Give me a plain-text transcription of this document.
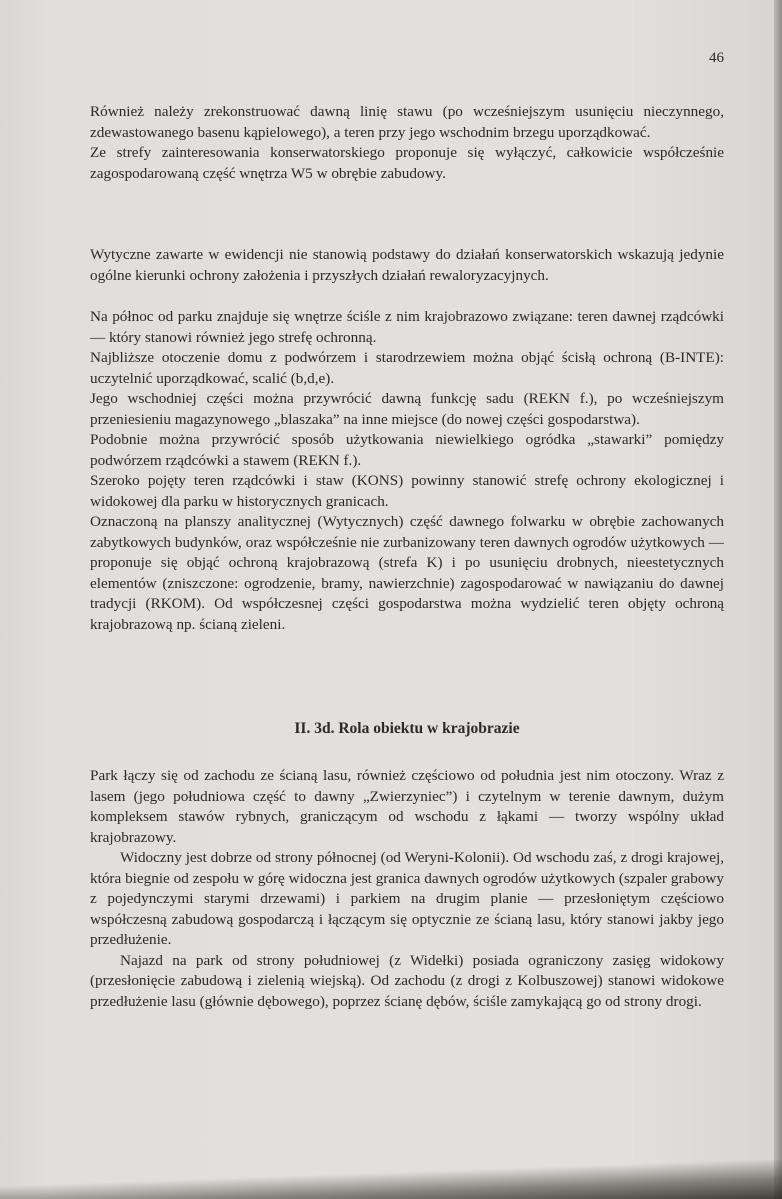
46

Również należy zrekonstruować dawną linię stawu (po wcześniejszym usunięciu nieczynnego, zdewastowanego basenu kąpielowego), a teren przy jego wschodnim brzegu uporządkować.

Ze strefy zainteresowania konserwatorskiego proponuje się wyłączyć, całkowicie współcześnie zagospodarowaną część wnętrza W5 w obrębie zabudowy.

Wytyczne zawarte w ewidencji nie stanowią podstawy do działań konserwatorskich wskazują jedynie ogólne kierunki ochrony założenia i przyszłych działań rewaloryzacyjnych.

Na północ od parku znajduje się wnętrze ściśle z nim krajobrazowo związane: teren dawnej rządcówki — który stanowi również jego strefę ochronną.

Najbliższe otoczenie domu z podwórzem i starodrzewiem można objąć ścisłą ochroną (B-INTE): uczytelnić uporządkować, scalić (b,d,e).

Jego wschodniej części można przywrócić dawną funkcję sadu (REKN f.), po wcześniejszym przeniesieniu magazynowego „blaszaka” na inne miejsce (do nowej części gospodarstwa).

Podobnie można przywrócić sposób użytkowania niewielkiego ogródka „stawarki” pomiędzy podwórzem rządcówki a stawem (REKN f.).

Szeroko pojęty teren rządcówki i staw (KONS) powinny stanowić strefę ochrony ekologicznej i widokowej dla parku w historycznych granicach.

Oznaczoną na planszy analitycznej (Wytycznych) część dawnego folwarku w obrębie zachowanych zabytkowych budynków, oraz współcześnie nie zurbanizowany teren dawnych ogrodów użytkowych — proponuje się objąć ochroną krajobrazową (strefa K) i po usunięciu drobnych, nieestetycznych elementów (zniszczone: ogrodzenie, bramy, nawierzchnie) zagospodarować w nawiązaniu do dawnej tradycji (RKOM). Od współczesnej części gospodarstwa można wydzielić teren objęty ochroną krajobrazową np. ścianą zieleni.

II. 3d. Rola obiektu w krajobrazie

Park łączy się od zachodu ze ścianą lasu, również częściowo od południa jest nim otoczony. Wraz z lasem (jego południowa część to dawny „Zwierzyniec”) i czytelnym w terenie dawnym, dużym kompleksem stawów rybnych, graniczącym od wschodu z łąkami — tworzy wspólny układ krajobrazowy.

Widoczny jest dobrze od strony północnej (od Weryni-Kolonii). Od wschodu zaś, z drogi krajowej, która biegnie od zespołu w górę widoczna jest granica dawnych ogrodów użytkowych (szpaler grabowy z pojedynczymi starymi drzewami) i parkiem na drugim planie — przesłoniętym częściowo współczesną zabudową gospodarczą i łączącym się optycznie ze ścianą lasu, który stanowi jakby jego przedłużenie.

Najazd na park od strony południowej (z Widełki) posiada ograniczony zasięg widokowy (przesłonięcie zabudową i zielenią wiejską). Od zachodu (z drogi z Kolbuszowej) stanowi widokowe przedłużenie lasu (głównie dębowego), poprzez ścianę dębów, ściśle zamykającą go od strony drogi.
